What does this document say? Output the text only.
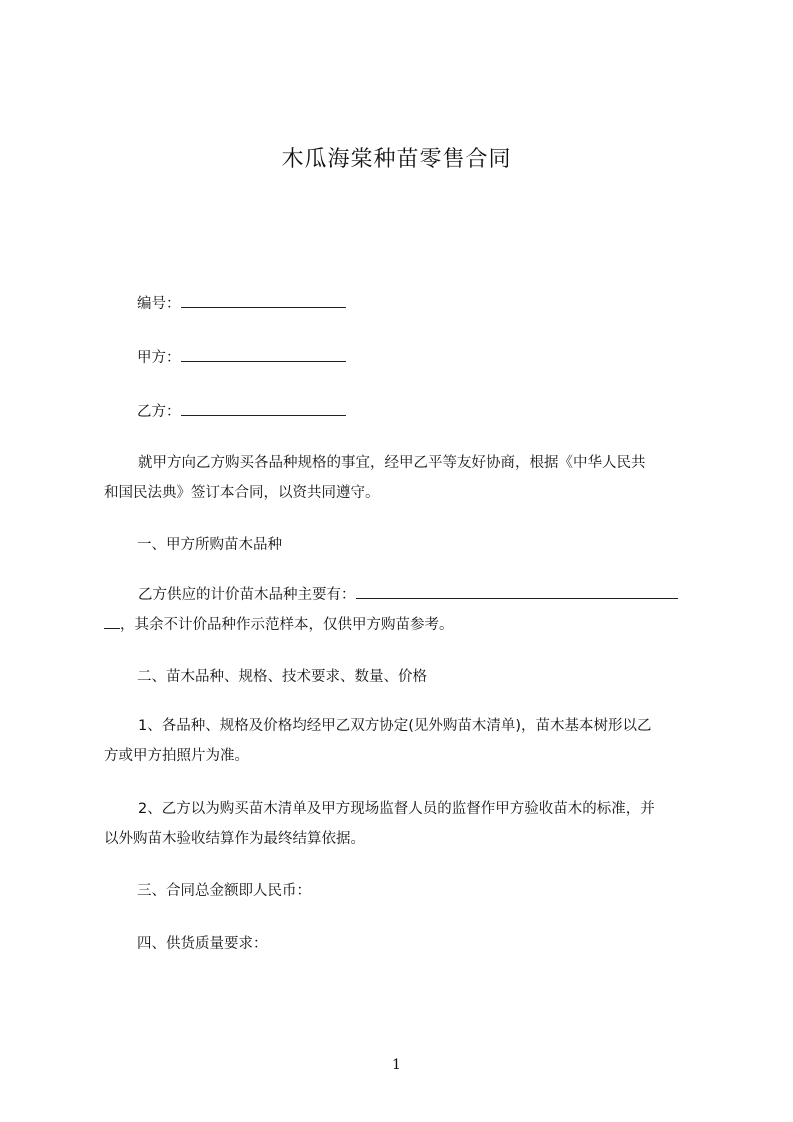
木瓜海棠种苗零售合同
编号：
甲方：
乙方：
就甲方向乙方购买各品种规格的事宜，经甲乙平等友好协商，根据《中华人民共
和国民法典》签订本合同，以资共同遵守。
一、甲方所购苗木品种
乙方供应的计价苗木品种主要有：
，其余不计价品种作示范样本，仅供甲方购苗参考。
二、苗木品种、规格、技术要求、数量、价格
1、各品种、规格及价格均经甲乙双方协定(见外购苗木清单)，苗木基本树形以乙
方或甲方拍照片为准。
2、乙方以为购买苗木清单及甲方现场监督人员的监督作甲方验收苗木的标准，并
以外购苗木验收结算作为最终结算依据。
三、合同总金额即人民币：
四、供货质量要求：
1
